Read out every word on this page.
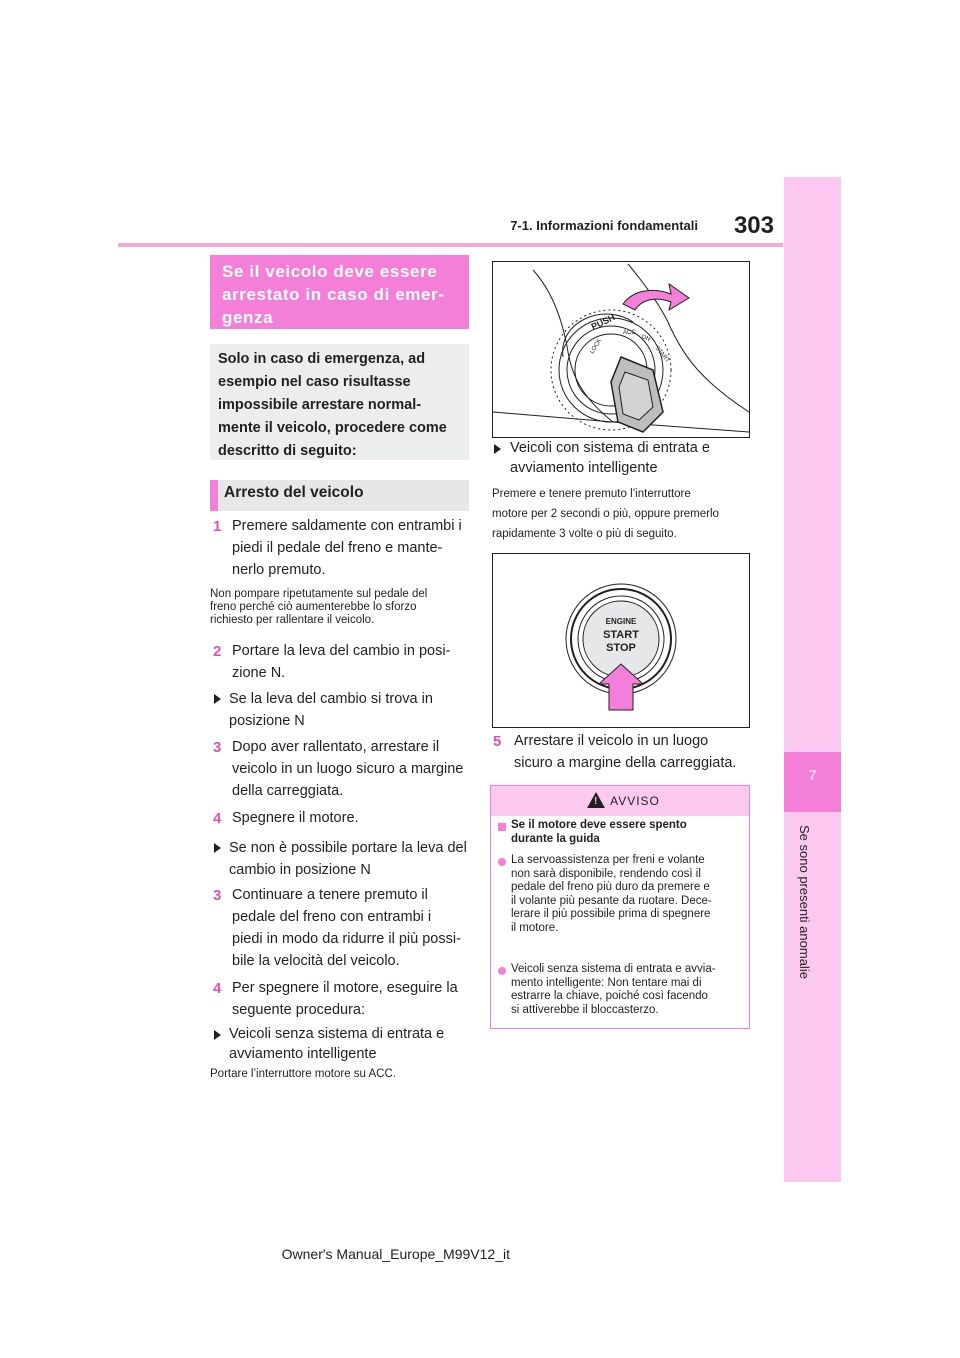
7-1. Informazioni fondamentali	303
7
Se sono presenti anomalie
Se il veicolo deve essere
arrestato in caso di emer-
genza
Solo in caso di emergenza, ad
esempio nel caso risultasse
impossibile arrestare normal-
mente il veicolo, procedere come
descritto di seguito:
Arresto del veicolo
1 Premere saldamente con entrambi i
piedi il pedale del freno e mante-
nerlo premuto.
Non pompare ripetutamente sul pedale del
freno perché ciò aumenterebbe lo sforzo
richiesto per rallentare il veicolo.
2 Portare la leva del cambio in posi-
zione N.
Se la leva del cambio si trova in
posizione N
3 Dopo aver rallentato, arrestare il
veicolo in un luogo sicuro a margine
della carreggiata.
4 Spegnere il motore.
Se non è possibile portare la leva del
cambio in posizione N
3 Continuare a tenere premuto il
pedale del freno con entrambi i
piedi in modo da ridurre il più possi-
bile la velocità del veicolo.
4 Per spegnere il motore, eseguire la
seguente procedura:
Veicoli senza sistema di entrata e
avviamento intelligente
Portare l’interruttore motore su ACC.
PUSH
ACC
ON
LOCK	START
Veicoli con sistema di entrata e
avviamento intelligente
Premere e tenere premuto l’interruttore
motore per 2 secondi o più, oppure premerlo
rapidamente 3 volte o più di seguito.
ENGINE
START
STOP
5 Arrestare il veicolo in un luogo
sicuro a margine della carreggiata.
!	AVVISO
Se il motore deve essere spento
durante la guida
La servoassistenza per freni e volante
non sarà disponibile, rendendo così il
pedale del freno più duro da premere e
il volante più pesante da ruotare. Dece-
lerare il più possibile prima di spegnere
il motore.
Veicoli senza sistema di entrata e avvia-
mento intelligente: Non tentare mai di
estrarre la chiave, poiché così facendo
si attiverebbe il bloccasterzo.
Owner's Manual_Europe_M99V12_it
